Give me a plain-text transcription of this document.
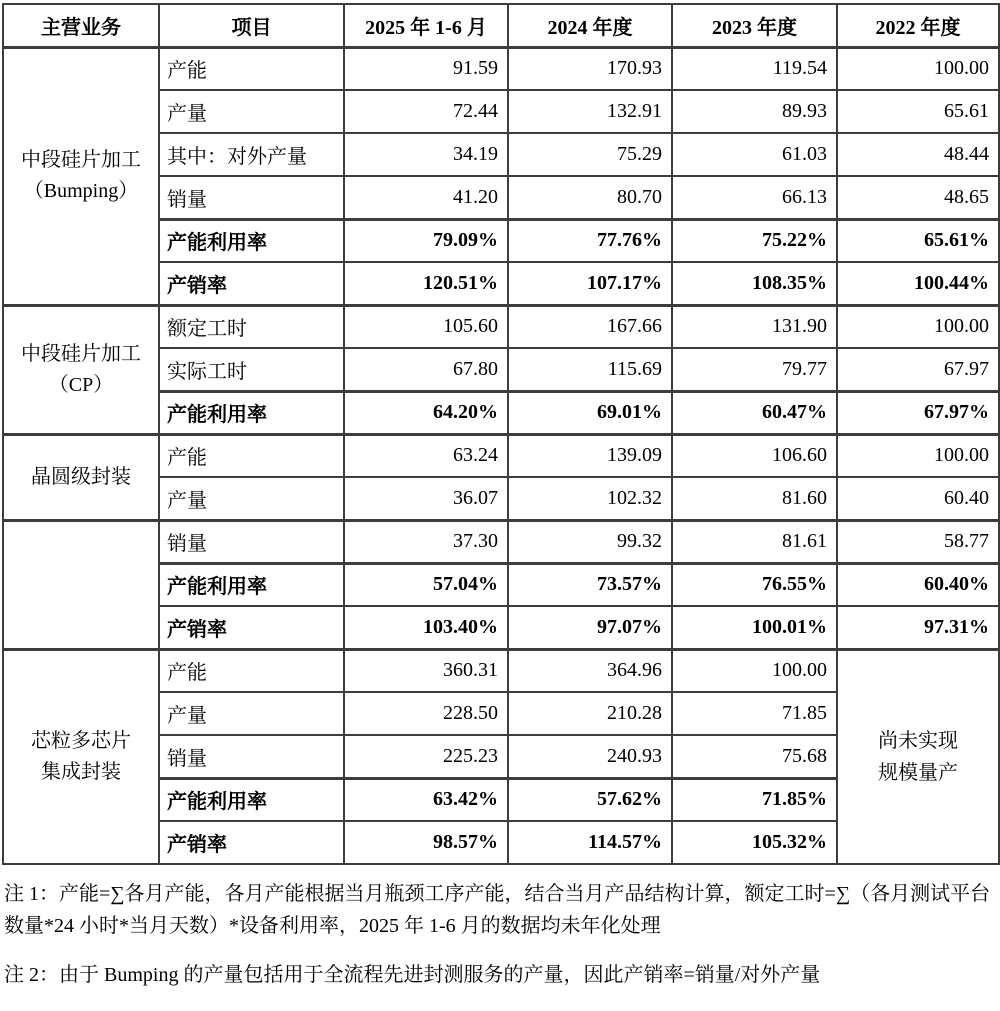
主营业务	项目	2025 年 1-6 月	2024 年度	2023 年度	2022 年度
中段硅片加工
（Bumping）	产能	91.59	170.93	119.54	100.00
	产量	72.44	132.91	89.93	65.61
	其中：对外产量	34.19	75.29	61.03	48.44
	销量	41.20	80.70	66.13	48.65
	产能利用率	79.09%	77.76%	75.22%	65.61%
	产销率	120.51%	107.17%	108.35%	100.44%
中段硅片加工
（CP）	额定工时	105.60	167.66	131.90	100.00
	实际工时	67.80	115.69	79.77	67.97
	产能利用率	64.20%	69.01%	60.47%	67.97%
晶圆级封装	产能	63.24	139.09	106.60	100.00
	产量	36.07	102.32	81.60	60.40
	销量	37.30	99.32	81.61	58.77
	产能利用率	57.04%	73.57%	76.55%	60.40%
	产销率	103.40%	97.07%	100.01%	97.31%
芯粒多芯片
集成封装	产能	360.31	364.96	100.00	尚未实现
规模量产
	产量	228.50	210.28	71.85	
	销量	225.23	240.93	75.68	
	产能利用率	63.42%	57.62%	71.85%	
	产销率	98.57%	114.57%	105.32%	

注 1：产能=∑各月产能，各月产能根据当月瓶颈工序产能，结合当月产品结构计算，额定工时=∑（各月测试平台数量*24 小时*当月天数）*设备利用率，2025 年 1-6 月的数据均未年化处理

注 2：由于 Bumping 的产量包括用于全流程先进封测服务的产量，因此产销率=销量/对外产量
